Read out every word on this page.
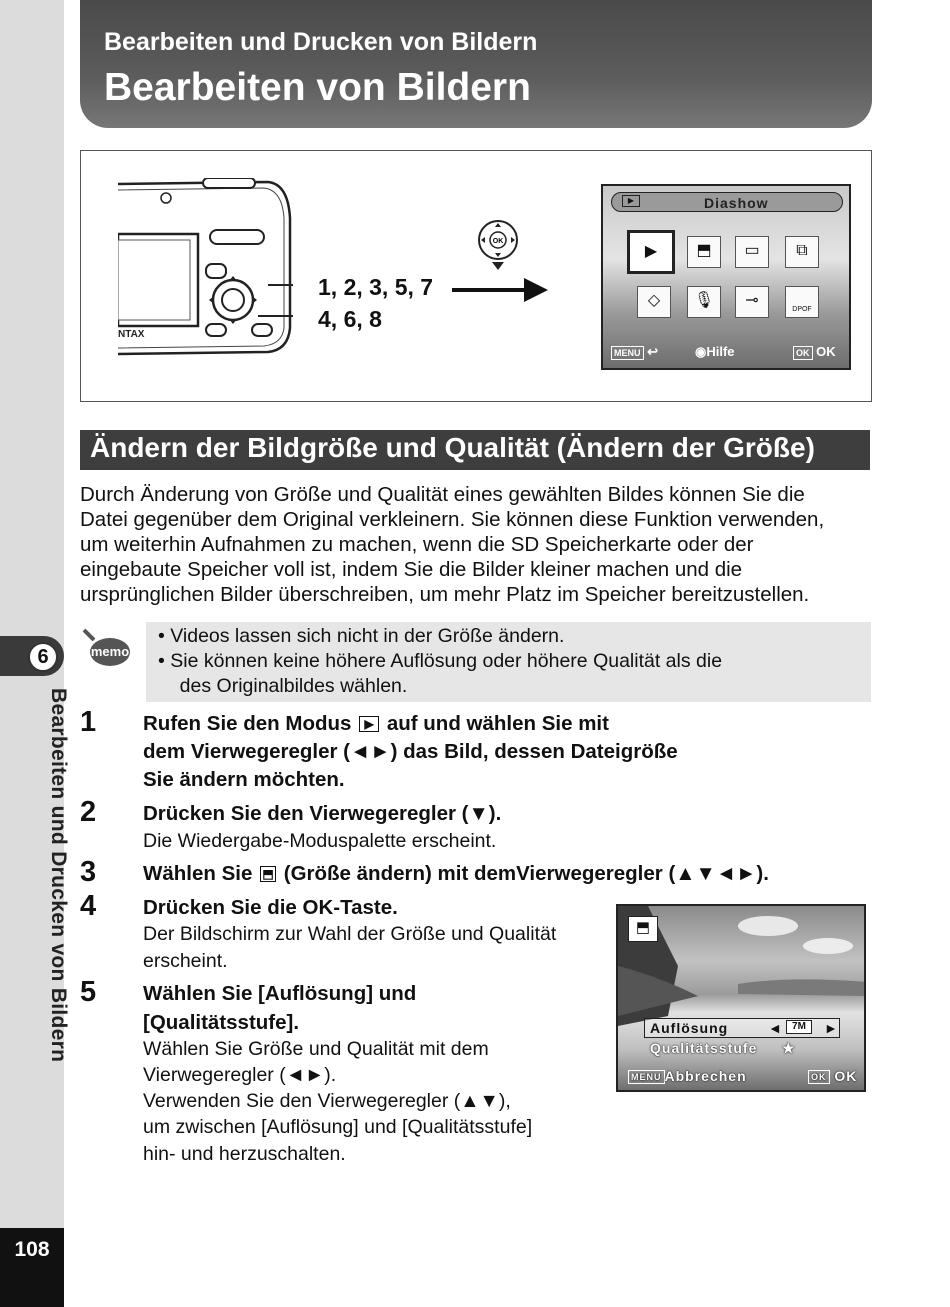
6
Bearbeiten und Drucken von Bildern
108
Bearbeiten und Drucken von Bildern
Bearbeiten von Bildern
NTAX
1, 2, 3, 5, 7
4, 6, 8
OK
▶	Diashow
▶	⬒	▭	⧉
◇	🎙	⊸
DPOF
MENU ↩	◉Hilfe	OK OK
Ändern der Bildgröße und Qualität (Ändern der Größe)
Durch Änderung von Größe und Qualität eines gewählten Bildes können Sie die
Datei gegenüber dem Original verkleinern. Sie können diese Funktion verwenden,
um weiterhin Aufnahmen zu machen, wenn die SD Speicherkarte oder der
eingebaute Speicher voll ist, indem Sie die Bilder kleiner machen und die
ursprünglichen Bilder überschreiben, um mehr Platz im Speicher bereitzustellen.
memo
• Videos lassen sich nicht in der Größe ändern.
• Sie können keine höhere Auflösung oder höhere Qualität als die
des Originalbildes wählen.
1 Rufen Sie den Modus ▶ auf und wählen Sie mit
dem Vierwegeregler (◄►) das Bild, dessen Dateigröße
Sie ändern möchten.
2 Drücken Sie den Vierwegeregler (▼).
Die Wiedergabe-Moduspalette erscheint.
3 Wählen Sie ⬒ (Größe ändern) mit demVierwegeregler (▲▼◄►).
4 Drücken Sie die OK-Taste.
Der Bildschirm zur Wahl der Größe und Qualität
erscheint.
5 Wählen Sie [Auflösung] und
[Qualitätsstufe].
Wählen Sie Größe und Qualität mit dem
Vierwegeregler (◄►).
Verwenden Sie den Vierwegeregler (▲▼),
um zwischen [Auflösung] und [Qualitätsstufe]
hin- und herzuschalten.
⬒
Auflösung	◄ 7M	►
Qualitätsstufe ★
MENU Abbrechen	OK OK
